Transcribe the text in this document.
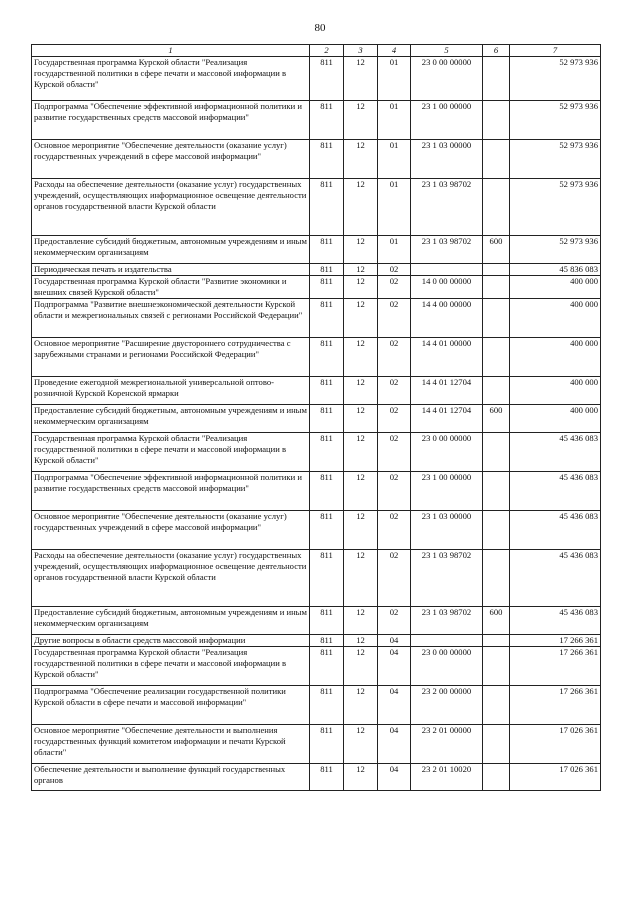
80
1	2	3	4	5	6	7
Государственная программа Курской области "Реализация государственной политики в сфере печати и массовой информации в Курской области"	811	12	01	23 0 00 00000		52 973 936
Подпрограмма "Обеспечение эффективной информационной политики и развитие государственных средств массовой информации"	811	12	01	23 1 00 00000		52 973 936
Основное мероприятие "Обеспечение деятельности (оказание услуг) государственных учреждений в сфере массовой информации"	811	12	01	23 1 03 00000		52 973 936
Расходы на обеспечение деятельности (оказание услуг) государственных учреждений, осуществляющих информационное освещение деятельности органов государственной власти Курской области	811	12	01	23 1 03 98702		52 973 936
Предоставление субсидий бюджетным, автономным учреждениям и иным некоммерческим организациям	811	12	01	23 1 03 98702	600	52 973 936
Периодическая печать и издательства	811	12	02			45 836 083
Государственная программа Курской области "Развитие экономики и внешних связей Курской области"	811	12	02	14 0 00 00000		400 000
Подпрограмма "Развитие внешнеэкономической деятельности Курской области и межрегиональных связей с регионами Российской Федерации"	811	12	02	14 4 00 00000		400 000
Основное мероприятие "Расширение двустороннего сотрудничества с зарубежными странами и регионами Российской Федерации"	811	12	02	14 4 01 00000		400 000
Проведение ежегодной межрегиональной универсальной оптово-розничной Курской Коренской ярмарки	811	12	02	14 4 01 12704		400 000
Предоставление субсидий бюджетным, автономным учреждениям и иным некоммерческим организациям	811	12	02	14 4 01 12704	600	400 000
Государственная программа Курской области "Реализация государственной политики в сфере печати и массовой информации в Курской области"	811	12	02	23 0 00 00000		45 436 083
Подпрограмма "Обеспечение эффективной информационной политики и развитие государственных средств массовой информации"	811	12	02	23 1 00 00000		45 436 083
Основное мероприятие "Обеспечение деятельности (оказание услуг) государственных учреждений в сфере массовой информации"	811	12	02	23 1 03 00000		45 436 083
Расходы на обеспечение деятельности (оказание услуг) государственных учреждений, осуществляющих информационное освещение деятельности органов государственной власти Курской области	811	12	02	23 1 03 98702		45 436 083
Предоставление субсидий бюджетным, автономным учреждениям и иным некоммерческим организациям	811	12	02	23 1 03 98702	600	45 436 083
Другие вопросы в области средств массовой информации	811	12	04			17 266 361
Государственная программа Курской области "Реализация государственной политики в сфере печати и массовой информации в Курской области"	811	12	04	23 0 00 00000		17 266 361
Подпрограмма "Обеспечение реализации государственной политики Курской области в сфере печати и массовой информации"	811	12	04	23 2 00 00000		17 266 361
Основное мероприятие "Обеспечение деятельности и выполнения государственных функций комитетом информации и печати Курской области"	811	12	04	23 2 01 00000		17 026 361
Обеспечение деятельности и выполнение функций государственных органов	811	12	04	23 2 01 10020		17 026 361
